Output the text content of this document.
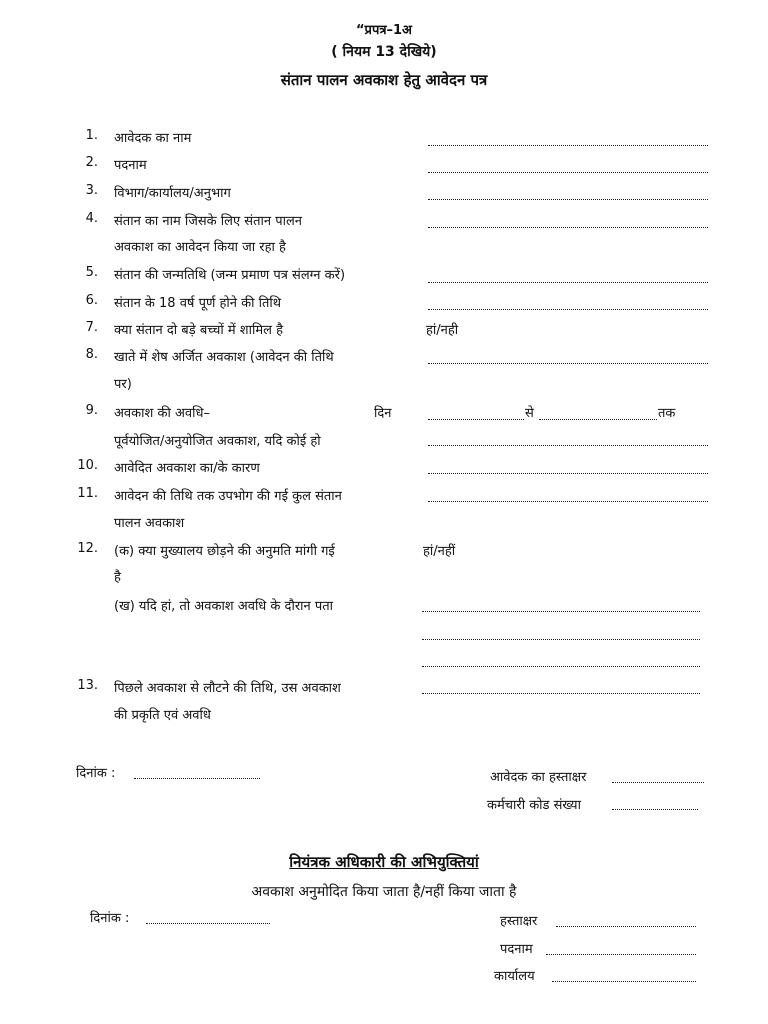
“प्रपत्र–1अ
( नियम 13 देखिये)
संतान पालन अवकाश हेतु आवेदन पत्र
1. आवेदक का नाम
2. पदनाम
3. विभाग/कार्यालय/अनुभाग
4. संतान का नाम जिसके लिए संतान पालन
अवकाश का आवेदन किया जा रहा है
5. संतान की जन्मतिथि (जन्म प्रमाण पत्र संलग्न करें)
6. संतान के 18 वर्ष पूर्ण होने की तिथि
7. क्या संतान दो बड़े बच्चों में शामिल है	हां/नही
8. खाते में शेष अर्जित अवकाश (आवेदन की तिथि
पर)
9. अवकाश की अवधि–	दिन	से	तक
पूर्वयोजित/अनुयोजित अवकाश, यदि कोई हो
10. आवेदित अवकाश का/के कारण
11. आवेदन की तिथि तक उपभोग की गई कुल संतान
पालन अवकाश
12. (क) क्या मुख्यालय छोड़ने की अनुमति मांगी गई	हां/नहीं
है
(ख) यदि हां, तो अवकाश अवधि के दौरान पता
13. पिछले अवकाश से लौटने की तिथि, उस अवकाश
की प्रकृति एवं अवधि
दिनांक :	आवेदक का हस्ताक्षर
कर्मचारी कोड संख्या
नियंत्रक अधिकारी की अभियुक्तियां
अवकाश अनुमोदित किया जाता है/नहीं किया जाता है
दिनांक :	हस्ताक्षर
पदनाम
कार्यालय
